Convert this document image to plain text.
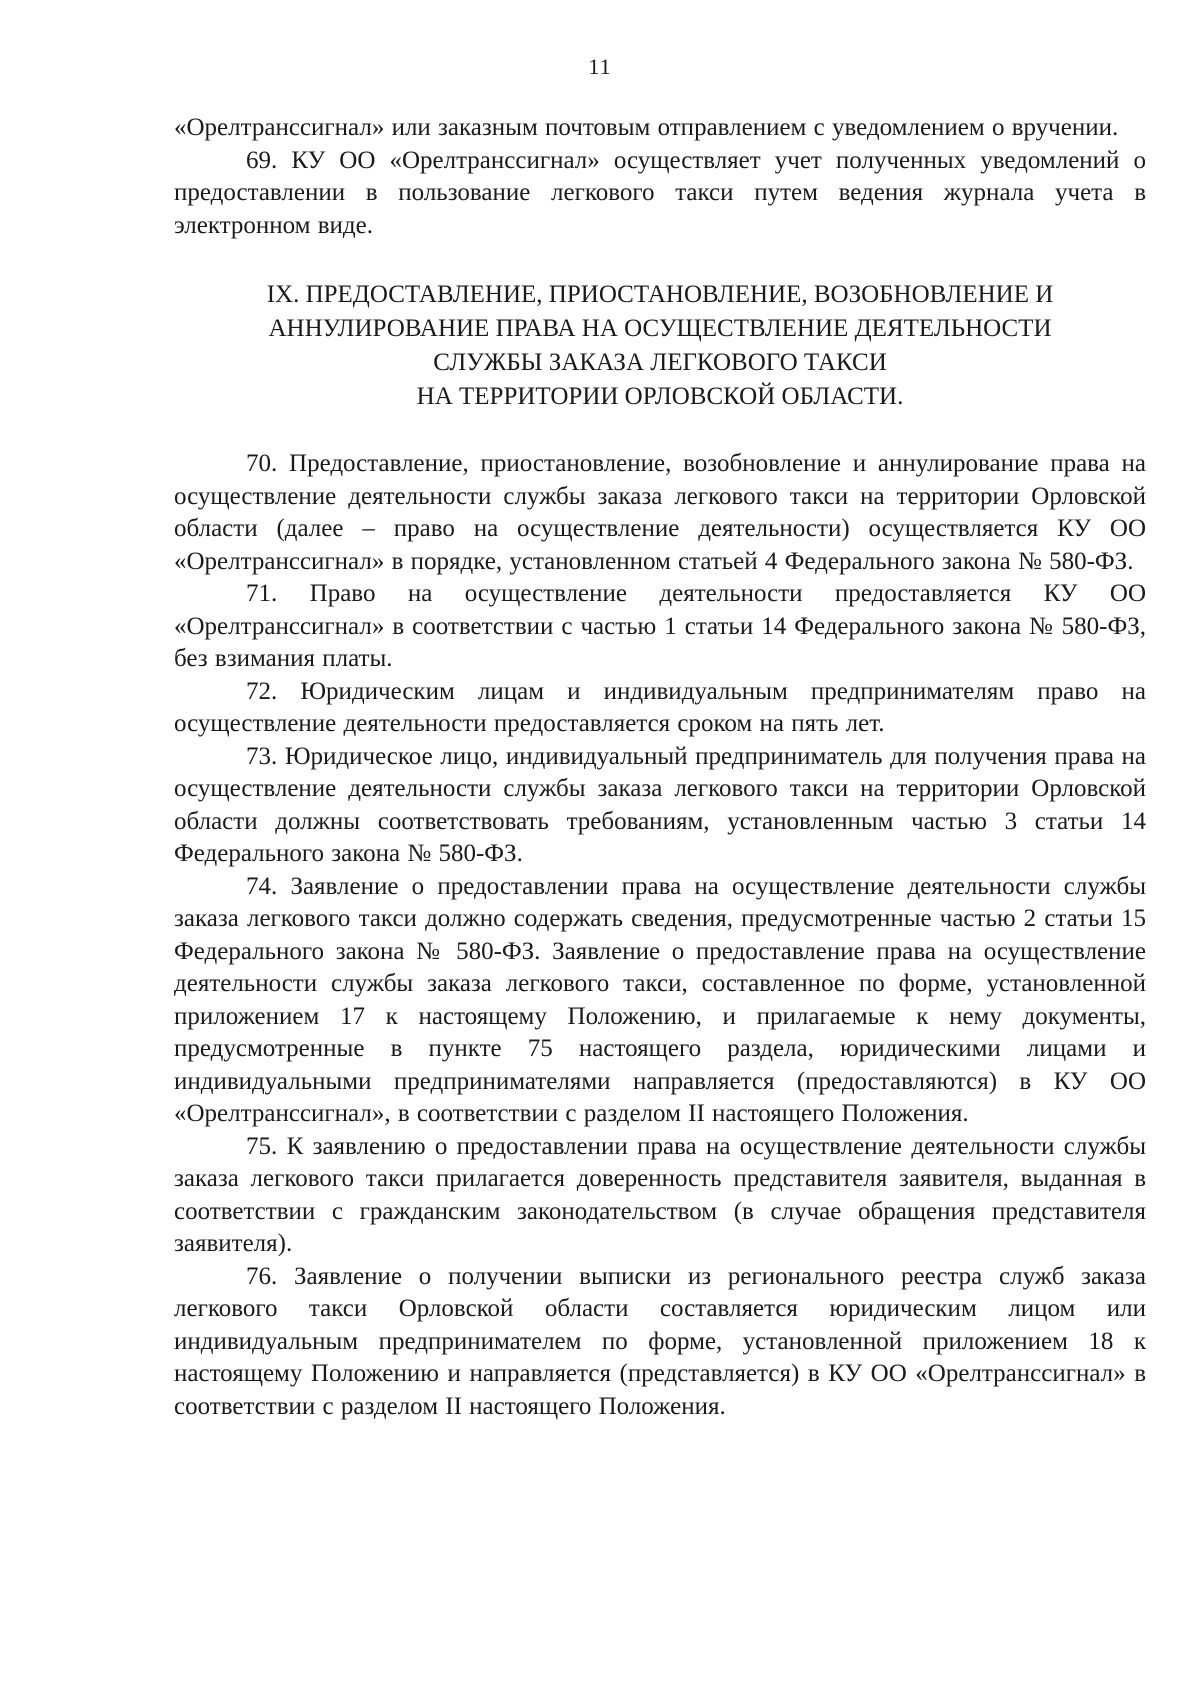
11

«Орелтранссигнал» или заказным почтовым отправлением с уведомлением о вручении.

69. КУ ОО «Орелтранссигнал» осуществляет учет полученных уведомлений о предоставлении в пользование легкового такси путем ведения журнала учета в электронном виде.

IX. ПРЕДОСТАВЛЕНИЕ, ПРИОСТАНОВЛЕНИЕ, ВОЗОБНОВЛЕНИЕ И
АННУЛИРОВАНИЕ ПРАВА НА ОСУЩЕСТВЛЕНИЕ ДЕЯТЕЛЬНОСТИ
СЛУЖБЫ ЗАКАЗА ЛЕГКОВОГО ТАКСИ
НА ТЕРРИТОРИИ ОРЛОВСКОЙ ОБЛАСТИ.

70. Предоставление, приостановление, возобновление и аннулирование права на осуществление деятельности службы заказа легкового такси на территории Орловской области (далее – право на осуществление деятельности) осуществляется КУ ОО «Орелтранссигнал» в порядке, установленном статьей 4 Федерального закона № 580-ФЗ.

71. Право на осуществление деятельности предоставляется КУ ОО «Орелтранссигнал» в соответствии с частью 1 статьи 14 Федерального закона № 580-ФЗ, без взимания платы.

72. Юридическим лицам и индивидуальным предпринимателям право на осуществление деятельности предоставляется сроком на пять лет.

73. Юридическое лицо, индивидуальный предприниматель для получения права на осуществление деятельности службы заказа легкового такси на территории Орловской области должны соответствовать требованиям, установленным частью 3 статьи 14 Федерального закона № 580-ФЗ.

74. Заявление о предоставлении права на осуществление деятельности службы заказа легкового такси должно содержать сведения, предусмотренные частью 2 статьи 15 Федерального закона № 580-ФЗ. Заявление о предоставление права на осуществление деятельности службы заказа легкового такси, составленное по форме, установленной приложением 17 к настоящему Положению, и прилагаемые к нему документы, предусмотренные в пункте 75 настоящего раздела, юридическими лицами и индивидуальными предпринимателями направляется (предоставляются) в КУ ОО «Орелтранссигнал», в соответствии с разделом II настоящего Положения.

75. К заявлению о предоставлении права на осуществление деятельности службы заказа легкового такси прилагается доверенность представителя заявителя, выданная в соответствии с гражданским законодательством (в случае обращения представителя заявителя).

76. Заявление о получении выписки из регионального реестра служб заказа легкового такси Орловской области составляется юридическим лицом или индивидуальным предпринимателем по форме, установленной приложением 18 к настоящему Положению и направляется (представляется) в КУ ОО «Орелтранссигнал» в соответствии с разделом II настоящего Положения.
